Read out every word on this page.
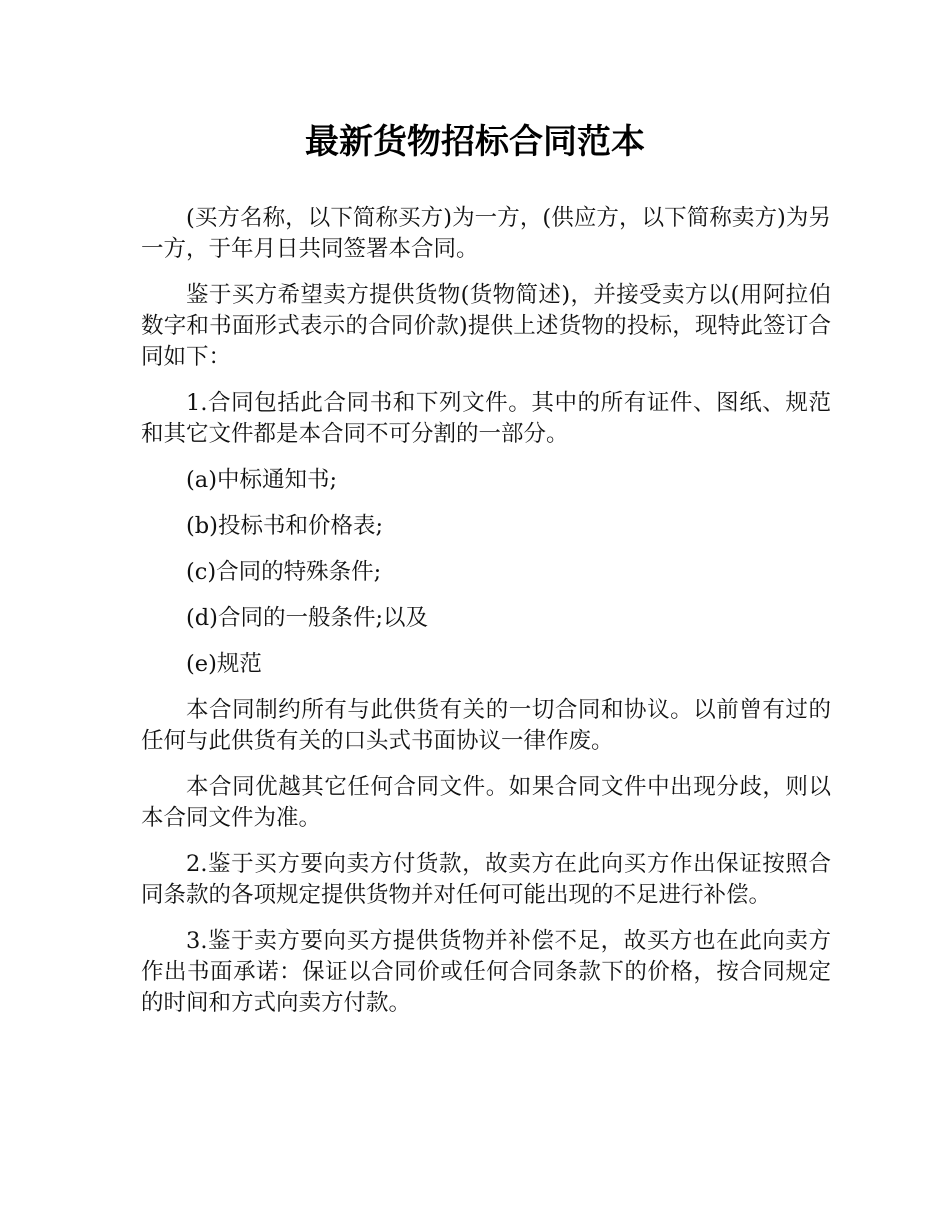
最新货物招标合同范本

(买方名称，以下简称买方)为一方，(供应方，以下简称卖方)为另一方，于年月日共同签署本合同。

鉴于买方希望卖方提供货物(货物简述)，并接受卖方以(用阿拉伯数字和书面形式表示的合同价款)提供上述货物的投标，现特此签订合同如下：

1.合同包括此合同书和下列文件。其中的所有证件、图纸、规范和其它文件都是本合同不可分割的一部分。

(a)中标通知书;

(b)投标书和价格表;

(c)合同的特殊条件;

(d)合同的一般条件;以及

(e)规范

本合同制约所有与此供货有关的一切合同和协议。以前曾有过的任何与此供货有关的口头式书面协议一律作废。

本合同优越其它任何合同文件。如果合同文件中出现分歧，则以本合同文件为准。

2.鉴于买方要向卖方付货款，故卖方在此向买方作出保证按照合同条款的各项规定提供货物并对任何可能出现的不足进行补偿。

3.鉴于卖方要向买方提供货物并补偿不足，故买方也在此向卖方作出书面承诺：保证以合同价或任何合同条款下的价格，按合同规定的时间和方式向卖方付款。
